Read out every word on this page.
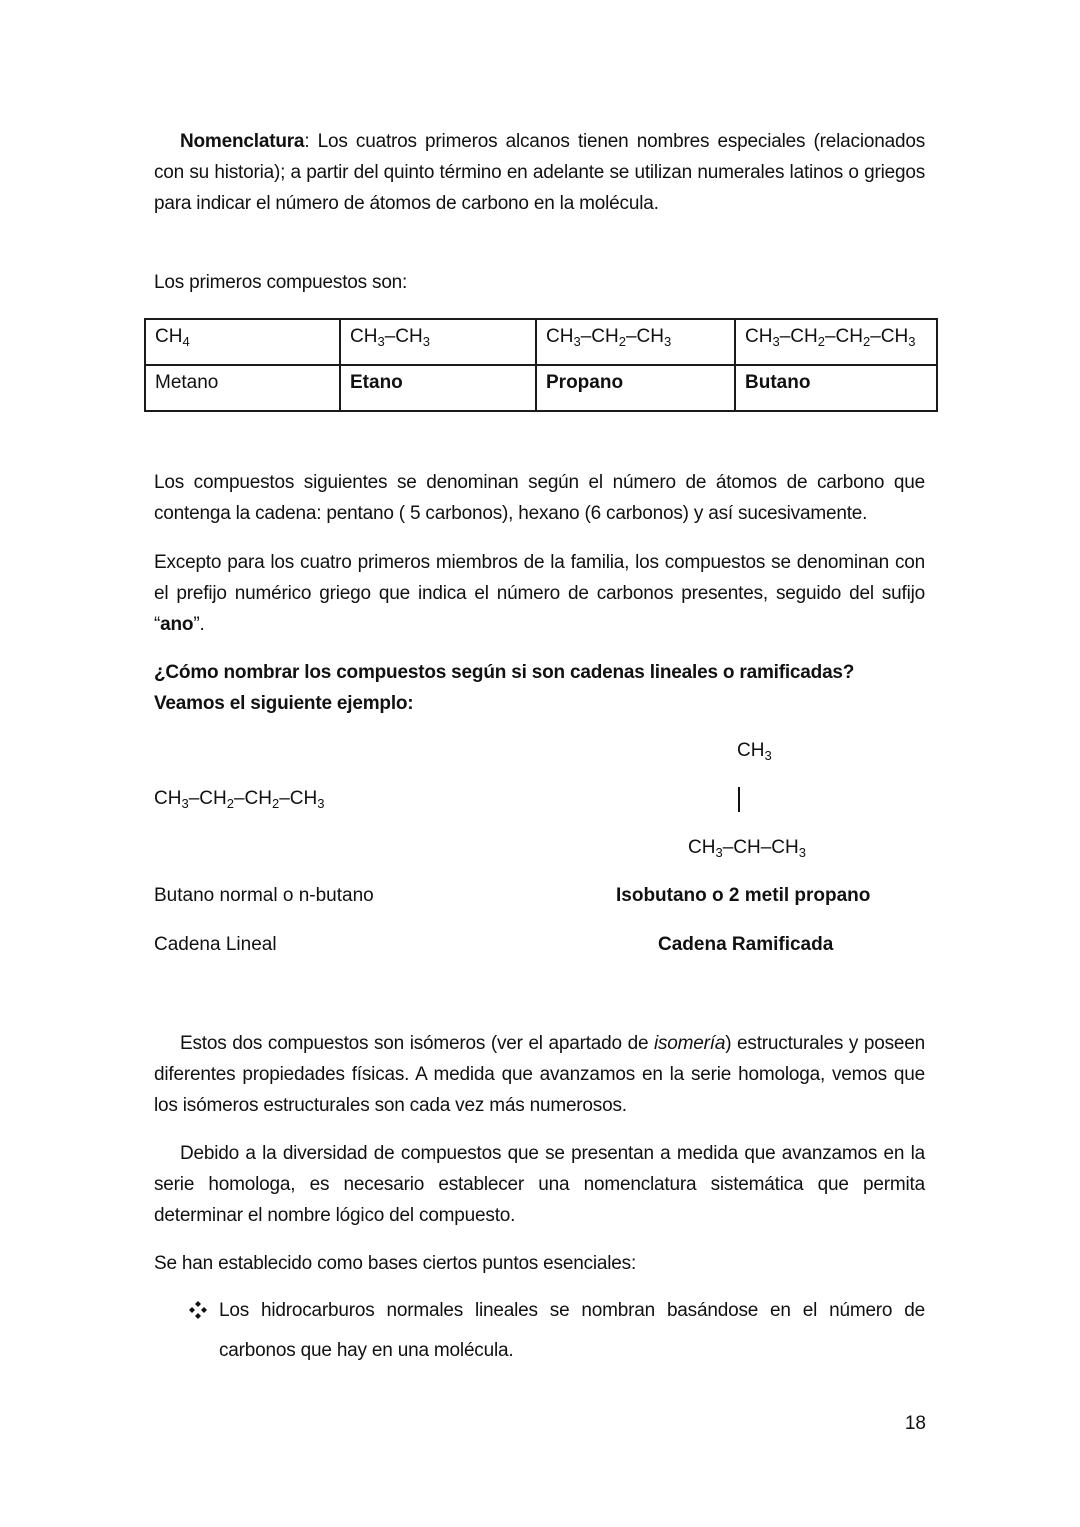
Nomenclatura: Los cuatros primeros alcanos tienen nombres especiales (relacionados con su historia); a partir del quinto término en adelante se utilizan numerales latinos o griegos para indicar el número de átomos de carbono en la molécula.

Los primeros compuestos son:

$CH_4$	$CH_3-CH_3$	$CH_3-CH_2-CH_3$	$CH_3-CH_2-CH_2-CH_3$
Metano	Etano	Propano	Butano

Los compuestos siguientes se denominan según el número de átomos de carbono que contenga la cadena: pentano ( 5 carbonos), hexano (6 carbonos) y así sucesivamente.

Excepto para los cuatro primeros miembros de la familia, los compuestos se denominan con el prefijo numérico griego que indica el número de carbonos presentes, seguido del sufijo “ano”.

¿Cómo nombrar los compuestos según si son cadenas lineales o ramificadas?
Veamos el siguiente ejemplo:
$CH_3-CH_2-CH_2-CH_3$
Butano normal o n-butano
Cadena Lineal
$CH_3$
$CH_3-CH-CH_3$
Isobutano o 2 metil propano
Cadena Ramificada

Estos dos compuestos son isómeros (ver el apartado de isomería) estructurales y poseen diferentes propiedades físicas. A medida que avanzamos en la serie homologa, vemos que los isómeros estructurales son cada vez más numerosos.

Debido a la diversidad de compuestos que se presentan a medida que avanzamos en la serie homologa, es necesario establecer una nomenclatura sistemática que permita determinar el nombre lógico del compuesto.

Se han establecido como bases ciertos puntos esenciales:

Los hidrocarburos normales lineales se nombran basándose en el número de carbonos que hay en una molécula.

18
